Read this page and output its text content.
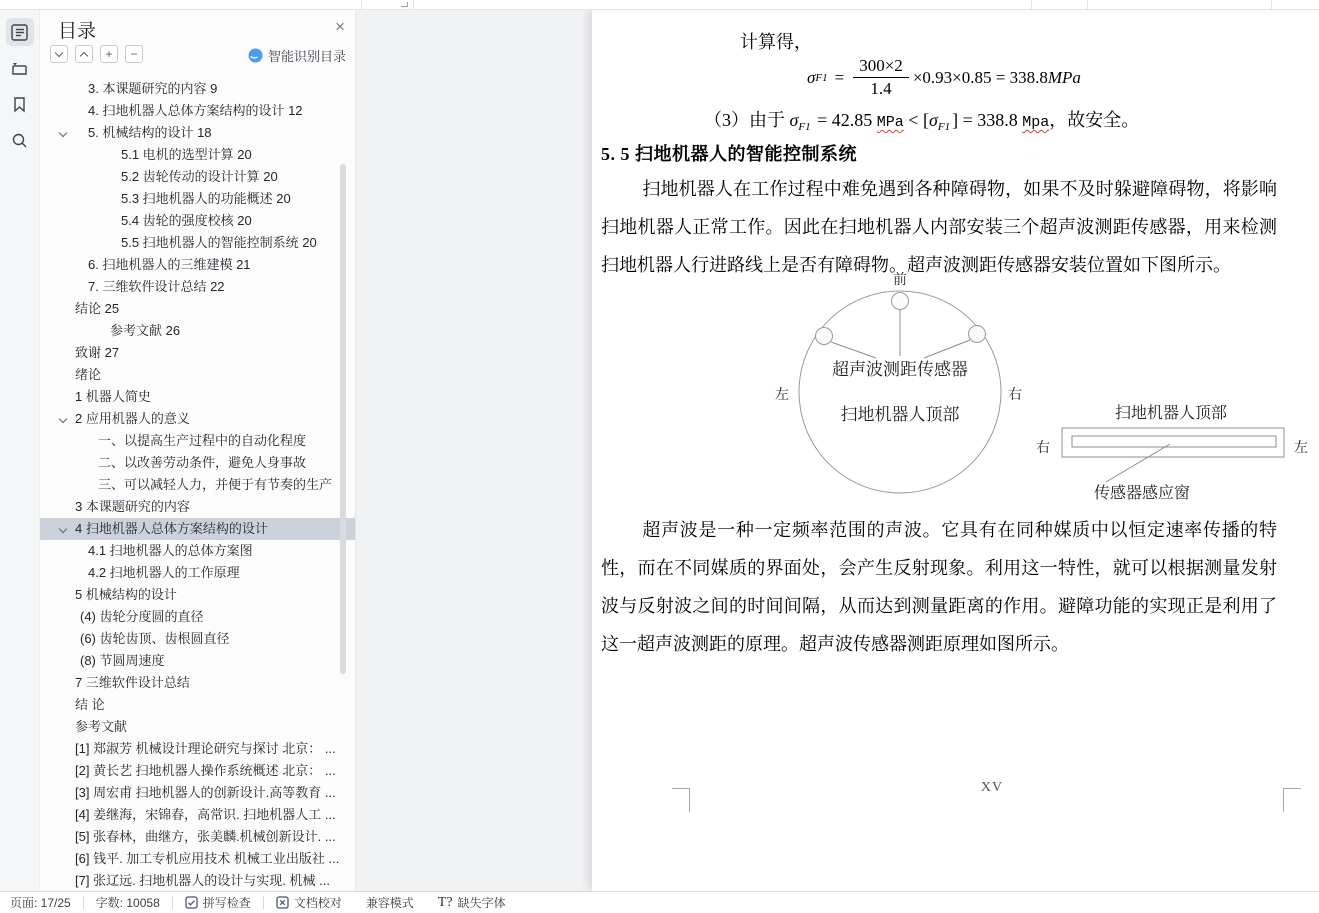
目录	×
+	−	智能识别目录
3. 本课题研究的内容 9
4. 扫地机器人总体方案结构的设计 12
5. 机械结构的设计 18
5.1 电机的选型计算 20
5.2 齿轮传动的设计计算 20
5.3 扫地机器人的功能概述 20
5.4 齿轮的强度校核 20
5.5 扫地机器人的智能控制系统 20
6. 扫地机器人的三维建模 21
7. 三维软件设计总结 22
结论 25
参考文献 26
致谢 27
绪论
1 机器人简史
2 应用机器人的意义
一、以提高生产过程中的自动化程度
二、以改善劳动条件，避免人身事故
三、可以减轻人力，并便于有节奏的生产
3 本课题研究的内容
4 扫地机器人总体方案结构的设计
4.1 扫地机器人的总体方案图
4.2 扫地机器人的工作原理
5 机械结构的设计
(4) 齿轮分度圆的直径
(6) 齿轮齿顶、齿根圆直径
(8) 节圆周速度
7 三维软件设计总结
结 论
参考文献
[1] 郑淑芳 机械设计理论研究与探讨 北京： ...
[2] 黄长艺 扫地机器人操作系统概述 北京： ...
[3] 周宏甫 扫地机器人的创新设计.高等教育 ...
[4] 姜继海，宋锦春，高常识. 扫地机器人工 ...
[5] 张春林，曲继方，张美麟.机械创新设计. ...
[6] 钱平. 加工专机应用技术 机械工业出版社 ...
[7] 张辽远. 扫地机器人的设计与实现. 机械 ...
计算得，
σ $F1 = \frac{300\times 2}{1.4} \times 0.93\times 0.85 = 338.8$ MPa
（3）由于 $\sigma_{F1} = 42.85$ MPa < [$\sigma_{F1}$ ] = 338.8 Mpa，故安全。
5. 5 扫地机器人的智能控制系统
扫地机器人在工作过程中难免遇到各种障碍物，如果不及时躲避障碍物，将影响扫地机器人正常工作。因此在扫地机器人内部安装三个超声波测距传感器，用来检测扫地机器人行进路线上是否有障碍物。超声波测距传感器安装位置如下图所示。
前
超声波测距传感器
扫地机器人顶部
左	右
扫地机器人顶部
右	左
传感器感应窗
超声波是一种一定频率范围的声波。它具有在同种媒质中以恒定速率传播的特性，而在不同媒质的界面处，会产生反射现象。利用这一特性，就可以根据测量发射波与反射波之间的时间间隔，从而达到测量距离的作用。避障功能的实现正是利用了这一超声波测距的原理。超声波传感器测距原理如图所示。
XV
页面: 17/25 字数: 10058	拼写检查	文档校对 兼容模式 T? 缺失字体
